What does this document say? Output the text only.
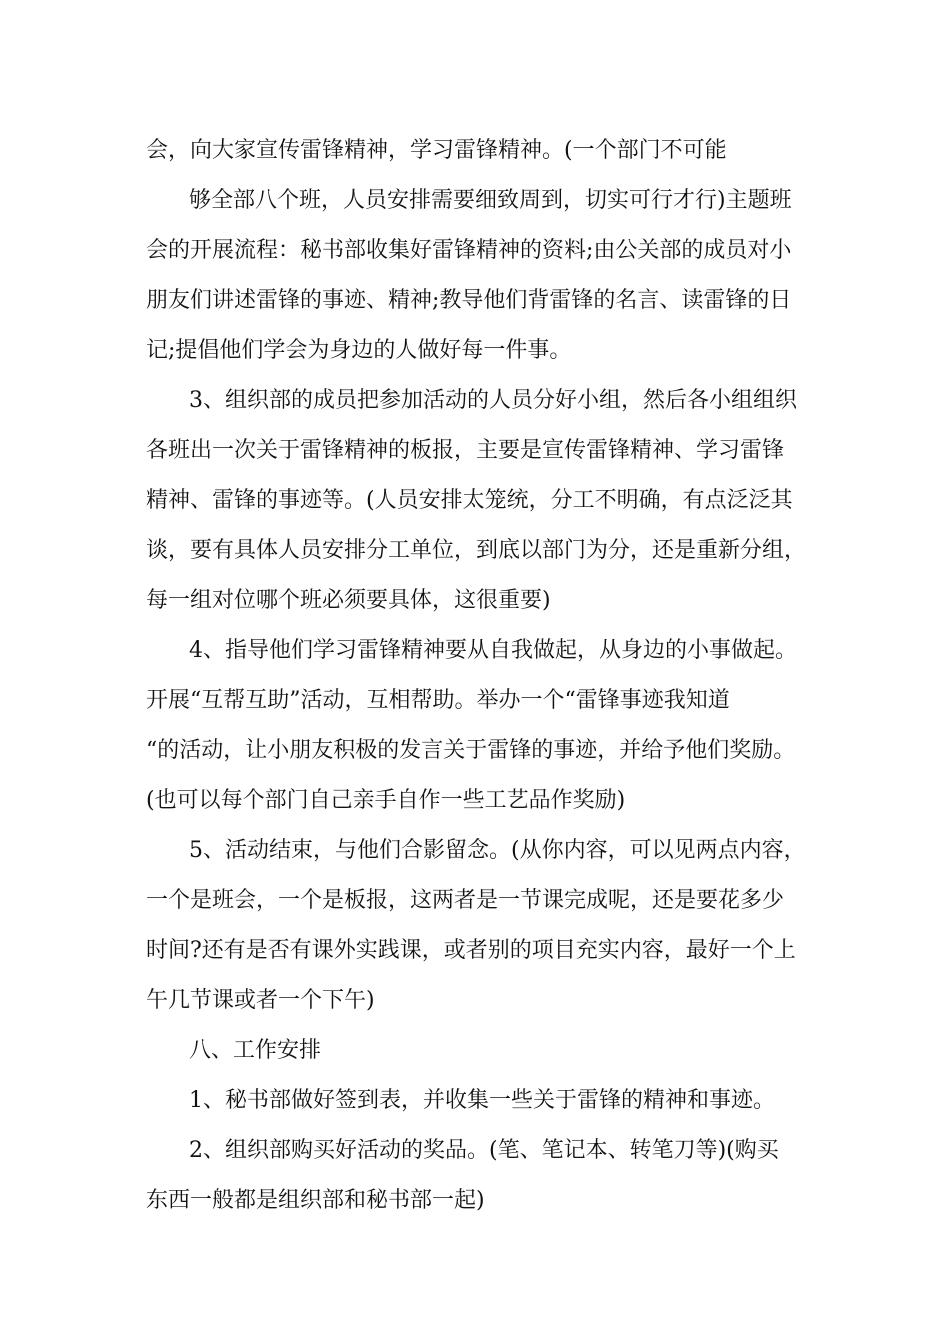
会，向大家宣传雷锋精神，学习雷锋精神。(一个部门不可能
够全部八个班，人员安排需要细致周到，切实可行才行)主题班
会的开展流程：秘书部收集好雷锋精神的资料;由公关部的成员对小
朋友们讲述雷锋的事迹、精神;教导他们背雷锋的名言、读雷锋的日
记;提倡他们学会为身边的人做好每一件事。
3、组织部的成员把参加活动的人员分好小组，然后各小组组织
各班出一次关于雷锋精神的板报，主要是宣传雷锋精神、学习雷锋
精神、雷锋的事迹等。(人员安排太笼统，分工不明确，有点泛泛其
谈，要有具体人员安排分工单位，到底以部门为分，还是重新分组，
每一组对位哪个班必须要具体，这很重要)
4、指导他们学习雷锋精神要从自我做起，从身边的小事做起。
开展“互帮互助”活动，互相帮助。举办一个“雷锋事迹我知道
“的活动，让小朋友积极的发言关于雷锋的事迹，并给予他们奖励。
(也可以每个部门自己亲手自作一些工艺品作奖励)
5、活动结束，与他们合影留念。(从你内容，可以见两点内容，
一个是班会，一个是板报，这两者是一节课完成呢，还是要花多少
时间?还有是否有课外实践课，或者别的项目充实内容，最好一个上
午几节课或者一个下午)
八、工作安排
1、秘书部做好签到表，并收集一些关于雷锋的精神和事迹。
2、组织部购买好活动的奖品。(笔、笔记本、转笔刀等)(购买
东西一般都是组织部和秘书部一起)
